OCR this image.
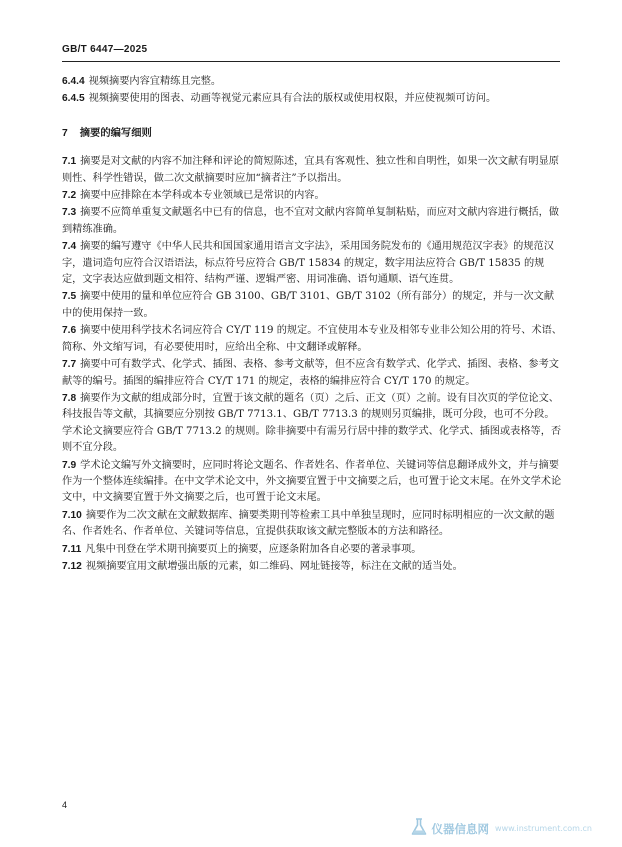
GB/T 6447—2025
6.4.4 视频摘要内容宜精练且完整。
6.4.5 视频摘要使用的图表、动画等视觉元素应具有合法的版权或使用权限，并应使视频可访问。
7 摘要的编写细则
7.1 摘要是对文献的内容不加注释和评论的简短陈述，宜具有客观性、独立性和自明性，如果一次文献有明显原则性、科学性错误，做二次文献摘要时应加“摘者注”予以指出。
7.2 摘要中应排除在本学科或本专业领域已是常识的内容。
7.3 摘要不应简单重复文献题名中已有的信息，也不宜对文献内容简单复制粘贴，而应对文献内容进行概括，做到精练准确。
7.4 摘要的编写遵守《中华人民共和国国家通用语言文字法》，采用国务院发布的《通用规范汉字表》的规范汉字，遣词造句应符合汉语语法，标点符号应符合 GB/T 15834 的规定，数字用法应符合 GB/T 15835 的规定，文字表达应做到题文相符、结构严谨、逻辑严密、用词准确、语句通顺、语气连贯。
7.5 摘要中使用的量和单位应符合 GB 3100、GB/T 3101、GB/T 3102（所有部分）的规定，并与一次文献中的使用保持一致。
7.6 摘要中使用科学技术名词应符合 CY/T 119 的规定。不宜使用本专业及相邻专业非公知公用的符号、术语、简称、外文缩写词，有必要使用时，应给出全称、中文翻译或解释。
7.7 摘要中可有数学式、化学式、插图、表格、参考文献等，但不应含有数学式、化学式、插图、表格、参考文献等的编号。插图的编排应符合 CY/T 171 的规定，表格的编排应符合 CY/T 170 的规定。
7.8 摘要作为文献的组成部分时，宜置于该文献的题名（页）之后、正文（页）之前。设有目次页的学位论文、科技报告等文献，其摘要应分别按 GB/T 7713.1、GB/T 7713.3 的规则另页编排，既可分段，也可不分段。学术论文摘要应符合 GB/T 7713.2 的规则。除非摘要中有需另行居中排的数学式、化学式、插图或表格等，否则不宜分段。
7.9 学术论文编写外文摘要时，应同时将论文题名、作者姓名、作者单位、关键词等信息翻译成外文，并与摘要作为一个整体连续编排。在中文学术论文中，外文摘要宜置于中文摘要之后，也可置于论文末尾。在外文学术论文中，中文摘要宜置于外文摘要之后，也可置于论文末尾。
7.10 摘要作为二次文献在文献数据库、摘要类期刊等检索工具中单独呈现时，应同时标明相应的一次文献的题名、作者姓名、作者单位、关键词等信息，宜提供获取该文献完整版本的方法和路径。
7.11 凡集中刊登在学术期刊摘要页上的摘要，应逐条附加各自必要的著录事项。
7.12 视频摘要宜用文献增强出版的元素，如二维码、网址链接等，标注在文献的适当处。
4
仪器信息网 www.instrument.com.cn
